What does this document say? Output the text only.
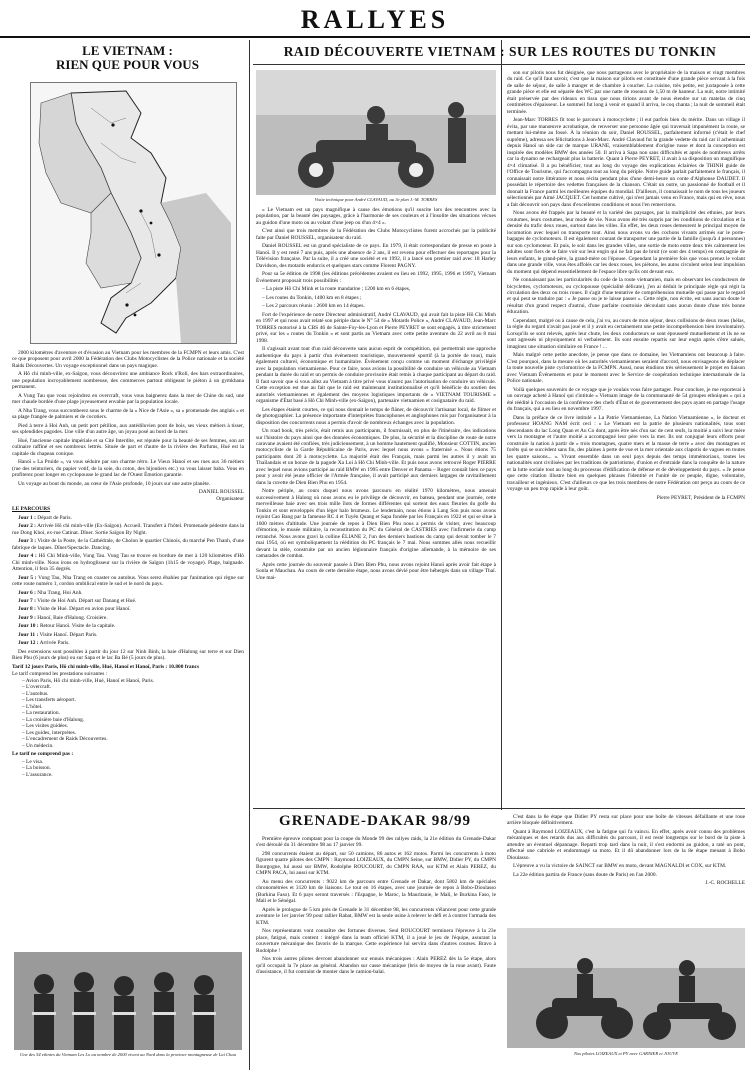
RALLYES
LE VIETNAM :
RIEN QUE POUR VOUS

2000 kilomètres d'aventure et d'évasion au Vietnam pour les membres de la FCMPN et leurs amis. C'est ce que proposent pour avril 2000 la Fédération des Clubs Motocyclistes de la Police nationale et la société Raids Découvertes. Un voyage exceptionnel dans un pays magique.

A Hô chi minh-ville, ex-Saïgon, vous découvrirez une ambiance Rock n'Roll, des bars extraordinaires, une population incroyablement nombreuse, des commerces partout obligeant le piéton à un gymkhana permanent.

A Vung Tau que vous rejoindrez en overcraft, vous vous baignerez dans la mer de Chine du sud, une mer chaude bordée d'une plage joyeusement envahie par la population locale.

A Nha Trang, vous succomberez sous le charme de la « Nice de l'Asie », sa « promenade des anglais » et sa plage frangée de palmiers et de cocotiers.

Pied à terre à Hoi Anh, un petit port pétillon, aux antédiluvien pont de bois, ses vieux métiers à tisser, ses splendides pagodes. Une ville d'un autre âge, un joyau posé au bord de la mer.

Hué, l'ancienne capitale impériale et sa Cité Interdite, est réputée pour la beauté de ses femmes, son art culinaire raffiné et ses nombreux lettrés. Située de part et d'autre de la rivière des Parfums, Hué est la capitale du chapeau conique.

Hanoï « La Pruide », va vous séduire par son charme rétro. Le Vieux Hanoï et ses rues aux 36 métiers (rue des teinturiers, du papier votif, de la soie, du coton, des bijoutiers etc.) va vous laisser baba. Vous en profiterez pour longer en cyclopousse le grand lac de l'Ouest Émotion garantie.

Un voyage au bout du monde, au cœur de l'Asie profonde, 10 jours sur une autre planète.

DANIEL ROUSSEL
Organisateur
LE PARCOURS

Jour 1 : Départ de Paris.

Jour 2 : Arrivée Hô chi minh-ville (Ex-Saïgon). Accueil. Transfert à l'hôtel. Promenade pédestre dans la rue Dong Khoi, ex-rue Catinat. Dîner. Sortie Saïgon By Night.

Jour 3 : Visite de la Poste, de la Cathédrale, de Cholon le quartier Chinois, du marché Pen Thanh, d'une fabrique de laques. Dîner/Spectacle. Dancing.

Jour 4 : Hô Chi Minh-ville, Vung Tau. Vung Tau se trouve en bordure de mer à 120 kilomètres d'Hô Chi minh-ville. Nous irons en hydroglisseur sur la rivière de Saïgon (1h15 de voyage). Plage, baignade. Attention, il fera 35 degrés.

Jour 5 : Vung Tau, Nha Trang en coaster ou autobus. Vous serez ébahies par l'animation qui règne sur cette route numéro 1, cordon ombilical entre le sud et le nord du pays.

Jour 6 : Nha Trang, Hoi Anh.

Jour 7 : Visite de Hoi Anh. Départ sur Danang et Hué.

Jour 8 : Visite de Hué. Départ en avion pour Hanoï.

Jour 9 : Hanoï, Baie d'Halong. Croisière.

Jour 10 : Retour Hanoï. Visite de la capitale.

Jour 11 : Visite Hanoï. Départ Paris.

Jour 12 : Arrivée Paris.

Des extensions sont possibles à partir du jour 12 sur Ninh Binh, la baie d'Halong sur terre et sur Dien Bien Phu (6 jours de plus) ou sur Sapa et le lac Ba Bé (5 jours de plus).

Tarif 12 jours Paris, Hô chi minh-ville, Hué, Hanoï et Hanoï, Paris : 10.800 francs
Le tarif comprend les prestations suivantes :
– Avion Paris, Hô chi minh-ville, Hué, Hanoï et Hanoï, Paris.
– L'overcraft.
– L'autobus.
– Les transferts aéroport.
– L'hôtel.
– La restauration.
– La croisière baie d'Halong.
– Les visites guidées.
– Les guides, interprètes.
– L'encadrement de Raids Découvertes.
– Un médecin.
Le tarif ne comprend pas :
– Le visa.
– La boisson.
– L'assurance.
Une des 54 ethnies du Vietnam Les Lo au nombre de 2000 vivent au Nord dans la province montagneuse de Lai Chau
RAID DÉCOUVERTE VIETNAM : SUR LES ROUTES DU TONKIN
Visite technique pour André CLAVAUD, au 3e plan J.-M. TORRES

« Le Vietnam est un pays magnifique à cause des émotions qu'il suscite lors des rencontres avec la population, par la beauté des paysages, grâce à l'harmonie de ses couleurs et à l'insolite des situations vécues au guidon d'une moto ou au volant d'une jeep ou d'un 4×4 ».

C'est ainsi que trois membres de la Fédération des Clubs Motocyclistes furent accrochés par la publicité faite par Daniel ROUSSEL, organisateur du raid.

Daniel ROUSSEL est un grand spécialiste de ce pays. En 1979, il était correspondant de presse en poste à Hanoï. Il y est resté 7 ans puis, après une absence de 2 ans, il est revenu pour effectuer des reportages pour la Télévision française. Par la suite, il a créé une société et en 1992, il a lancé son premier raid avec 18 Harley Davidson, des motards endurcis et quelques stars comme Florent PAGNY.

Pour sa 5e édition de 1998 (les éditions précédentes avaient eu lieu en 1992, 1995, 1996 et 1997), Vietnam Événement proposait trois possibilités :

– La piste Hô Chi Minh et la route mandarine ; 1200 km en 6 étapes,

– Les routes du Tonkin, 1400 km en 8 étapes ;

– Les 2 parcours réunis : 2600 km en 14 étapes.

Fort de l'expérience de notre Directeur administratif, André CLAVAUD, qui avait fait la piste Hô Chi Minh en 1997 et qui nous avait relaté son périple dans le N° 54 de « Motards Police », André CLAVAUD, Jean-Marc TORRES motorisé à la CBS 46 de Sainte-Foy-les-Lyon et Pierre PEYRET se sont engagés, à titre strictement privé, sur les « routes du Tonkin » et sont partis au Vietnam avec cette petite aventure du 22 avril au 8 mai 1998.

Il s'agissait avant tout d'un raid découverte sans aucun esprit de compétition, qui permettrait une approche authentique du pays à partir d'un événement touristique, mouvementé sportif (à la portée de tous), mais également culturel, économique et humanitaire. Événement conçu comme un moment d'échange privilégié avec la population vietnamienne. Pour ce faire, nous avions la possibilité de conduire un véhicule au Vietnam pendant la durée du raid et un permis de conduire provisoire était remis à chaque participant au départ du raid. Il faut savoir que si vous allez au Vietnam à titre privé vous n'aurez pas l'autorisation de conduire un véhicule. Cette exception est due au fait que le raid est maintenant institutionnalisé et qu'il bénéficie du soutien des autorités vietnamiennes et également des moyens logistiques importants de « VIETNAM TOURISME » organisme d'État basé à Hô Chi Minh-ville (ex-Saïgon), partenaire vietnamien et cosignataire du raid.

Les étapes étaient courtes, ce qui nous donnait le temps de flâner, de découvrir l'artisanat local, de filmer et de photographier. La présence importante d'interprètes francophones et anglophones mis par l'organisateur à la disposition des concurrents nous a permis d'avoir de nombreux échanges avec la population.

Un road book, très précis, était remis aux participants, il fournissait, en plus de l'itinéraire, des indications sur l'histoire du pays ainsi que des données économiques. De plus, la sécurité et la discipline de route de notre caravane avaient été confiées, très judicieusement, à un homme hautement qualifié, Monsieur COTTIN, ancien motocycliste de la Garde Républicaine de Paris, avec lequel nous avons « fraternisé ». Nous étions 75 participants dont 20 à motocyclette. La majorité était des Français, mais parmi les autres il y avait un Thaïlandais et un bonze de la pagode Xa Loi à Hô Chi Minh-ville. Et puis nous avons retrouvé Roger PIERRE avec lequel nous avions participé au raid BMW en 1995 entre Denver et Panama – Roger connaît bien ce pays pour y avoir été jeune officier de l'Armée française, il avait participé aux derniers largages de ravitaillement dans la cuvette de Dien Bien Phu en 1954.

Notre périple, au cours duquel nous avons parcouru en réalité 1970 kilomètres, nous amenait successivement à Halong où nous avons eu le privilège de découvrir, en bateau, pendant une journée, cette merveilleuse baie avec ses trois mille îlots de formes différentes qui sortent des eaux fleuries du golfe du Tonkin et sont enveloppés d'un léger halo brumeux. Le lendemain, nous étions à Lang Son puis nous avons rejoint Cao Bang par la fameuse RC 4 et Tuyên Quang et Sapa fondée par les Français en 1922 et qui se situe à 1600 mètres d'altitude. Une journée de repos à Dien Bien Phu nous a permis de visiter, avec beaucoup d'émotion, le musée militaire, la reconstitution du PC du Général de CASTRIES avec l'infirmerie du camp retranché. Nous avons gravi la colline ÉLIANE 2, l'un des derniers bastions du camp qui devait tomber le 7 mai 1954, où est symboliquement la réédition du PC français le 7 mai. Nous sommes allés nous recueillir devant la stèle, construite par un ancien légionnaire français d'origine allemande, à la mémoire de ses camarades de combat.

Après cette journée du souvenir passée à Dien Bien Phu, nous avons rejoint Hanoï après avoir fait étape à Sonla et Mauchau. Au cours de cette dernière étape, nous avons dévié pour être hébergés dans un village Thaï. Une mai-

son sur pilotis nous fut désignée, que nous partageons avec le propriétaire de la maison et vingt membres du raid. Ce qu'il faut savoir, c'est que la maison sur pilotis est constituée d'une grande pièce servant à la fois de salle de séjour, de salle à manger et de chambre à coucher. La cuisine, très petite, est juxtaposée à cette grande pièce et elle est séparée des WC par une natte de roseaux de 1,50 m de hauteur. La nuit, notre intimité était préservée par des rideaux en tissu que nous tirions avant de nous étendre sur un matelas de cinq centimètres d'épaisseur. Le sommeil fut long à venir et quand il arriva, le coq chanta ; la nuit de sommeil était terminée.

Jean-Marc TORRES fit tout le parcours à motocyclette ; il eut parfois bien du mérite. Dans un village il évita, par une manœuvre acrobatique, de renverser une personne âgée qui traversait impunément la route, se mettant lui-même au fossé. À la réunion du soir, Daniel ROUSSEL, parfaitement informé (c'était le chef suprême), adressa ses félicitations à Jean-Marc. André Clavaud fut la grande vedette du raid car il acheminait depuis Hanoï un side car de marque URANE, vraisemblablement d'origine russe et dont la conception est inspirée des modèles BMW des années 50. Il arriva à Sapa non sans difficultés et après de nombreux arrêts car la dynamo ne rechargeait plus la batterie. Quant à Pierre PEYRET, il avait à sa disposition un magnifique 4×4 climatisé. Il a pu bénéficier, tout au long du voyage des explications éclairées de THINH guide de l'Office de Tourisme, qui l'accompagna tout au long du périple. Notre guide parlait parfaitement le français, il connaissait notre littérature et nous récita pendant plus d'une demi-heure un conte d'Alphonse DAUDET. Il possédait le répertoire des vedettes françaises de la chanson. C'était un outre, un passionné de football et il donnait la France parmi les meilleures équipes du mondial. D'ailleurs, il connaissait le nom de tous les joueurs sélectionnés par Aimé JACQUET. Cet homme cultivé, qui n'est jamais venu en France, mais qui en rêve, nous a fait découvrir son pays dans d'excellentes conditions et nous l'en remercions.

Nous avons été frappés par la beauté et la variété des paysages, par la multiplicité des ethnies, par leurs coutumes, leurs costumes, leur mode de vie. Nous avons été très surpris par les conditions de circulation et la densité du trafic deux roues, surtout dans les villes. En effet, les deux roues demeurent le principal moyen de locomotion avec lequel on transporte tout. Ainsi nous avons vu des cochons vivants arrimés sur le porte-bagages de cyclomoteurs. Il est également courant de transporter une partie de la famille (jusqu'à 4 personnes) sur son cyclomoteur. Et puis, le soir dans les grandes villes, une sortie de moto entre deux très calmement les adultes sont fiers de se faire voir sur leur engin qui ne fait pas de bruit (ce sont des 4 temps) en compagnie de leurs enfants, le grand-père, la grand-mère ou l'épouse. Cependant la première fois que vous prenez le volant dans une grande ville, vous êtes affolés car les deux roues, les piétons, les autos circulent selon leur impulsion du moment qui dépend essentiellement de l'espace libre qu'ils ont devant eux.

Ne connaissant pas les particularités du code de la route vietnamien, mais en observant les conducteurs de bicyclettes, cyclomoteurs, ou cyclopousse (spécialité délicate), j'en ai déduit le principale règle qui régit la circulation des deux ou trois roues. Il s'agit d'une tentative de compréhension mutuelle qui passe par le regard et qui peut se traduire par : « Je passe ou je te laisse passer ». Cette règle, non écrite, est sans aucun doute le résultat d'un grand respect d'autrui, d'une parfaite courtoisie découlant sans aucun doute d'une très bonne éducation.

Cependant, malgré ou à cause de cela, j'ai vu, au cours de mon séjour, deux collisions de deux roues (hélas, la règle du regard n'avait pas joué et il y avait eu certainement une petite incompréhension bien involontaire). Lorsqu'ils se sont relevés, après leur chute, les deux conducteurs se sont épousseté mutuellement et ils ne se sont agressés ni physiquement ni verbalement. Ils sont ensuite repartis sur leur engin après s'être salués, imaginez une situation similaire en France ! ...

Mais malgré cette petite anecdote, je pense que dans ce domaine, les Vietnamiens ont beaucoup à faire. C'est pourquoi, dans la mesure où les autorités vietnamiennes seraient d'accord, nous envisageons de déplacer la toute nouvelle piste cyclomotrice de la FCMPN. Aussi, nous étudions très sérieusement le projet en liaison avec Vietnam Événements et pour le moment avec le Service de coopération technique internationale de la Police nationale.

Voilà quelques souvenirs de ce voyage que je voulais vous faire partager. Pour conclure, je me reporterai à un ouvrage acheté à Hanoï qui s'intitule « Vietnam image de la communauté de 54 groupes ethniques » qui a été réédité à l'occasion de la conférence des chefs d'État et de gouvernement des pays ayant en partage l'usage du français, qui a eu lieu en novembre 1997.

Dans la préface de ce livre intitulé « La Patrie Vietnamienne, La Nation Vietnamienne », le docteur et professeur HOANG NAM écrit ceci : « Le Vietnam est la patrie de plusieurs nationalités, tous sont descendants du lac Long Quan et Au Co dont, après être nés d'un sac de cent œufs, la moitié a suivi leur mère vers la montagne et l'autre moitié a accompagné leur père vers la mer. Ils ont conjugué leurs efforts pour construire la nation à partir de « trois montagnes, quatre mers et la masse de terre » avec des montagnes et forêts qui se succèdent sans fin, des plaines à perte de vue et la mer orientale aux clapotis de vagues en toutes les quatre saisons... ». Vivant ensemble dans un seul pays depuis des temps immémoriaux, toutes les nationalités sont civilisées par les traditions de patriotisme, d'union et d'entraide dans la conquête de la nature et la lutte sociale tout au long du processus d'édification de défense et de développement du pays. « Je pense que cette citation illustre bien en quelques phrases l'identité et l'unité de ce peuple, digne, volontaire, travailleur et ingénieux. C'est d'ailleurs ce que les trois membres de notre Fédération ont perçu au cours de ce voyage un peu trop rapide à leur goût.

Pierre PEYRET, Président de la FCMPN
GRENADE-DAKAR 98/99

Première épreuve comptant pour la coupe du Monde 99 des rallyes raids, la 21e édition du Grenade-Dakar s'est déroulé du 31 décembre 98 au 17 janvier 99.

298 concurrents étaient au départ, sur 50 camions, 86 autos et 162 motos. Parmi les concurrents à moto figurent quatre pilotes des CMPN : Raymond LOIZEAUX, du CMPN Seine, sur BMW, Didier PY, du CMPN Bourgogne, lui aussi sur BMW, Rodolphe ROUCOURT, du CMPN RAA, sur KTM et Alain PEREZ, du CMPN PACA, lui aussi sur KTM.

Au menu des concurrents : 9022 km de parcours entre Grenade et Dakar, dont 5802 km de spéciales chronométrées et 3120 km de liaisons. Le tout en 16 étapes, avec une journée de repos à Bobo-Dioulasso (Burkina Faso). Et 6 pays seront traversés : l'Espagne, le Maroc, la Mauritanie, le Mali, le Burkina Faso, le Mali et le Sénégal.

Après le prologue de 5 km près de Grenade le 31 décembre 98, les concurrents s'élancent pour cette grande aventure le 1er janvier 99 pour rallier Rabat, BMW est la seule usine à relever le défi et à contrer l'armada des KTM.

Nos représentants vont connaître des fortunes diverses. Seul ROUCOURT terminera l'épreuve à la 23e place, fatigué, mais content : intégré dans la team officiel KTM, il a joué le jeu de l'équipe, assurant la couverture mécanique des favoris de la marque. Cette expérience lui servira dans d'autres courses. Bravo à Rodolphe !

Nos trois autres pilotes devront abandonner sur ennuis mécaniques : Alain PEREZ dès la 5e étape, alors qu'il occupait la 7e place au général. Abandon sur casse mécanique (bris de moyeu de la roue avant). Faute d'assistance, il fut contraint de monter dans le camion-balai.

C'est dans la 8e étape que Didier PY resta sur place pour une boîte de vitesses défaillante et une roue arrière bloquée définitivement.

Quant à Raymond LOIZEAUX, c'est la fatigue qui l'a vaincu. En effet, après avoir connu des problèmes mécaniques et des retards dus aux difficultés du parcours, il est resté longtemps sur le bord de la piste à attendre un éventuel dépannage. Reparti trop tard dans la nuit, il s'est endormi au guidon, a raté un pont, effectué une cabriole et endommagé sa moto. Et il dû abandonner lors de la 8e étape menant à Bobo Dioulasso.

L'épreuve a vu la victoire de SAINCT sur BMW en moto, devant MAGNALDI et COX, sur KTM.

La 22e édition partira de France (sans doute de Paris) en l'an 2000.

J.-C. ROCHELLE
Nos pilotes LOIZEAUX et PY avec GARNIER et JOUVE
